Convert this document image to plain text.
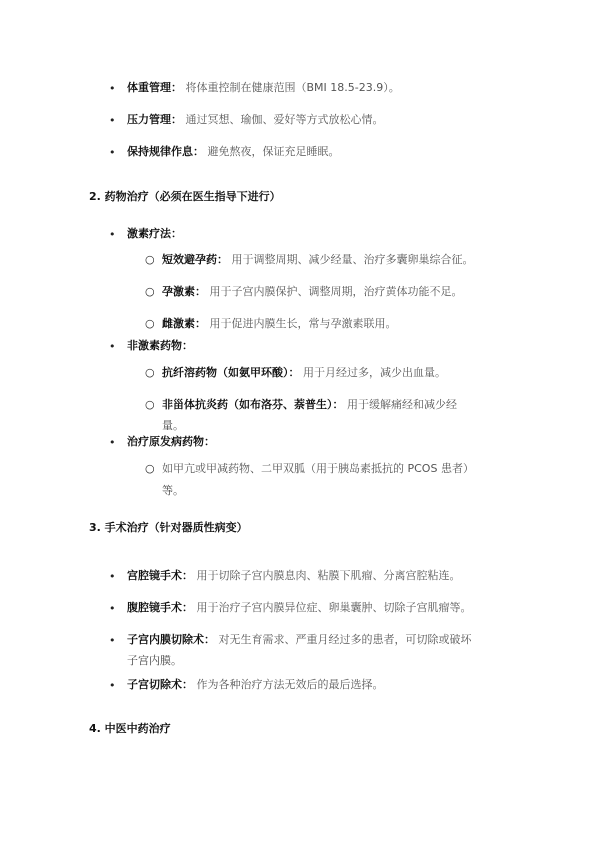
• 体重管理： 将体重控制在健康范围（BMI 18.5-23.9）。
• 压力管理： 通过冥想、瑜伽、爱好等方式放松心情。
• 保持规律作息： 避免熬夜，保证充足睡眠。
2. 药物治疗（必须在医生指导下进行）
• 激素疗法：
○ 短效避孕药： 用于调整周期、减少经量、治疗多囊卵巢综合征。
○ 孕激素： 用于子宫内膜保护、调整周期，治疗黄体功能不足。
○ 雌激素： 用于促进内膜生长，常与孕激素联用。
• 非激素药物：
○ 抗纤溶药物（如氨甲环酸）： 用于月经过多，减少出血量。
○ 非甾体抗炎药（如布洛芬、萘普生）： 用于缓解痛经和减少经
量。
• 治疗原发病药物：
○ 如甲亢或甲减药物、二甲双胍（用于胰岛素抵抗的 PCOS 患者）
等。
3. 手术治疗（针对器质性病变）
• 宫腔镜手术： 用于切除子宫内膜息肉、粘膜下肌瘤、分离宫腔粘连。
• 腹腔镜手术： 用于治疗子宫内膜异位症、卵巢囊肿、切除子宫肌瘤等。
• 子宫内膜切除术： 对无生育需求、严重月经过多的患者，可切除或破坏
子宫内膜。
• 子宫切除术： 作为各种治疗方法无效后的最后选择。
4. 中医中药治疗
